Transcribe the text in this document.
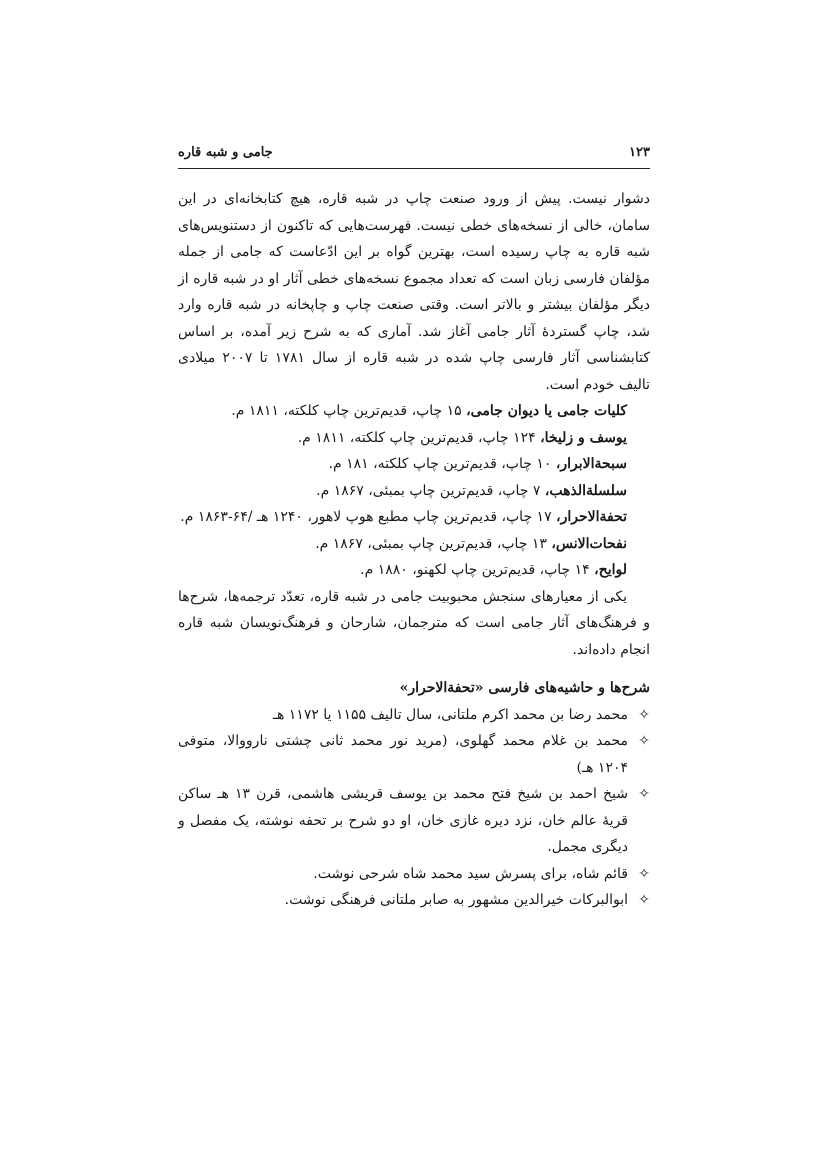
۱۲۳
جامی و شبه قاره

دشوار نیست. پیش از ورود صنعت چاپ در شبه قاره، هیچ کتابخانه‌ای در این سامان، خالی از نسخه‌های خطی نیست. فهرست‌هایی که تاکنون از دستنویس‌های شبه قاره به چاپ رسیده است، بهترین گواه بر این ادّعاست که جامی از جمله مؤلفان فارسی زبان است که تعداد مجموع نسخه‌های خطی آثار او در شبه قاره از دیگر مؤلفان بیشتر و بالاتر است. وقتی صنعت چاپ و چاپخانه در شبه قاره وارد شد، چاپ گستردهٔ آثار جامی آغاز شد. آماری که به شرح زیر آمده، بر اساس کتابشناسی آثار فارسی چاپ شده در شبه قاره از سال ۱۷۸۱ تا ۲۰۰۷ میلادی تالیف خودم است.

کلیات جامی یا دیوان جامی، ۱۵ چاپ، قدیم‌ترین چاپ کلکته، ۱۸۱۱ م.
یوسف و زلیخا، ۱۲۴ چاپ، قدیم‌ترین چاپ کلکته، ۱۸۱۱ م.
سبحةالابرار، ۱۰ چاپ، قدیم‌ترین چاپ کلکته، ۱۸۱ م.
سلسلةالذهب، ۷ چاپ، قدیم‌ترین چاپ بمبئی، ۱۸۶۷ م.
تحفةالاحرار، ۱۷ چاپ، قدیم‌ترین چاپ مطبع هوپ لاهور، ۱۲۴۰ هـ /۶۴-۱۸۶۳ م.
نفحات‌الانس، ۱۳ چاپ، قدیم‌ترین چاپ بمبئی، ۱۸۶۷ م.
لوایح، ۱۴ چاپ، قدیم‌ترین چاپ لکهنو، ۱۸۸۰ م.

یکی از معیارهای سنجش محبوبیت جامی در شبه قاره، تعدّد ترجمه‌ها، شرح‌ها و فرهنگ‌های آثار جامی است که مترجمان، شارحان و فرهنگ‌نویسان شبه قاره انجام داده‌اند.

شرح‌ها و حاشیه‌های فارسی «تحفةالاحرار»
✧
محمد رضا بن محمد اکرم ملتانی، سال تالیف ۱۱۵۵ یا ۱۱۷۲ هـ
✧
محمد بن غلام محمد گهلوی، (مرید نور محمد ثانی چشتی نارووالا، متوفی ۱۲۰۴ هـ)
✧
شیخ احمد بن شیخ فتح محمد بن یوسف قریشی هاشمی، قرن ۱۳ هـ ساکن قریهٔ عالم خان، نزد دیره غازی خان، او دو شرح بر تحفه نوشته، یک مفصل و دیگری مجمل.
✧
قائم شاه، برای پسرش سید محمد شاه شرحی نوشت.
✧
ابوالبرکات خیرالدین مشهور به صابر ملتانی فرهنگی نوشت.
